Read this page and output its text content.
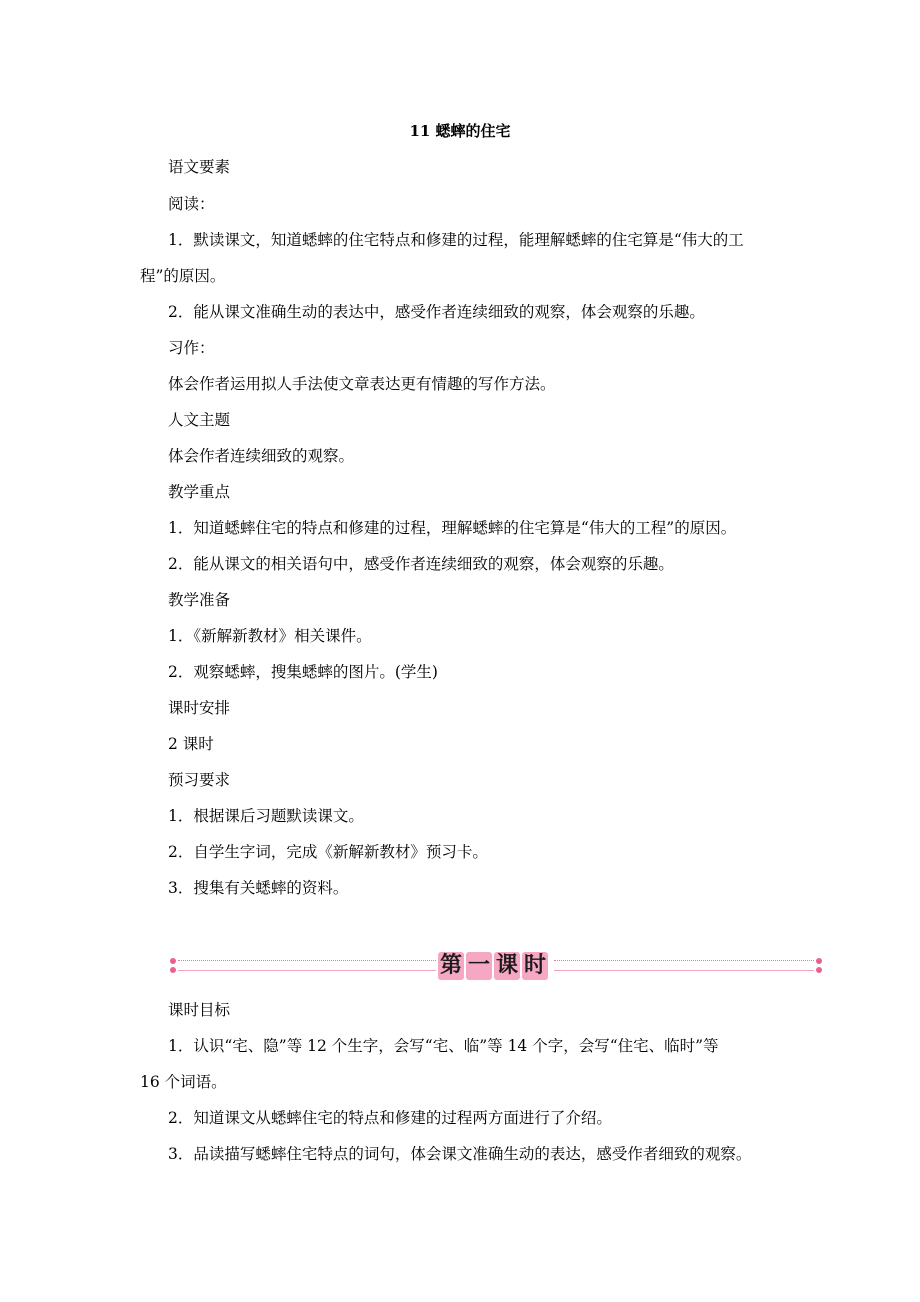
11 蟋蟀的住宅
语文要素
阅读：
1．默读课文，知道蟋蟀的住宅特点和修建的过程，能理解蟋蟀的住宅算是“伟大的工
程”的原因。
2．能从课文准确生动的表达中，感受作者连续细致的观察，体会观察的乐趣。
习作：
体会作者运用拟人手法使文章表达更有情趣的写作方法。
人文主题
体会作者连续细致的观察。
教学重点
1．知道蟋蟀住宅的特点和修建的过程，理解蟋蟀的住宅算是“伟大的工程”的原因。
2．能从课文的相关语句中，感受作者连续细致的观察，体会观察的乐趣。
教学准备
1．《新解新教材》相关课件。
2．观察蟋蟀，搜集蟋蟀的图片。(学生)
课时安排
2 课时
预习要求
1．根据课后习题默读课文。
2．自学生字词，完成《新解新教材》预习卡。
3．搜集有关蟋蟀的资料。
第 一 课 时
课时目标
1．认识“宅、隐”等 12 个生字，会写“宅、临”等 14 个字，会写“住宅、临时”等
16 个词语。
2．知道课文从蟋蟀住宅的特点和修建的过程两方面进行了介绍。
3．品读描写蟋蟀住宅特点的词句，体会课文准确生动的表达，感受作者细致的观察。
